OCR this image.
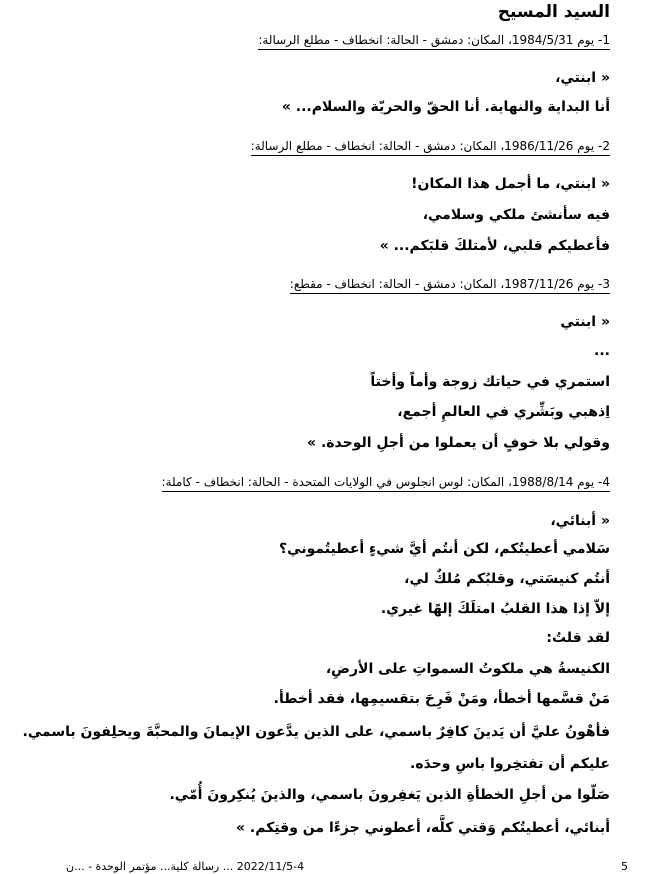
السيد المسيح
1- يوم 1984/5/31، المكان: دمشق - الحالة: انخطاف - مطلع الرسالة:
« ابنتي،
أنا البداية والنهاية. أنا الحقّ والحريّة والسلام... »
2- يوم 1986/11/26، المكان: دمشق - الحالة: انخطاف - مطلع الرسالة:
« ابنتي، ما أجمل هذا المكان!
فيه سأنشئ ملكي وسلامي،
فأعطيكم قلبي، لأمتلكَ قلبَكم... »
3- يوم 1987/11/26، المكان: دمشق - الحالة: انخطاف - مقطع:
« ابنتي
...
استمري في حياتك زوجة وأماً وأختاً
اِذهبي وبَشِّري في العالمِ أجمع،
وقولي بلا خوفٍ أن يعملوا من أجلِ الوحدة. »
4- يوم 1988/8/14، المكان: لوس انجلوس في الولايات المتحدة - الحالة: انخطاف - كاملة:
« أبنائي،
سَلامي أعطيتُكم، لكن أنتُم أيَّ شيءٍ أعطيتُموني؟
أنتُم كنيسَتي، وقلبُكم مُلكٌ لي،
إلاّ إذا هذا القلبُ امتلَكَ إلهًا غيري.
لقد قلتُ:
الكنيسةُ هي ملكوتُ السمواتِ على الأرضِ،
مَنْ قسَّمها أخطأ، ومَنْ فَرِحَ بتقسيمِها، فقد أخطأ.
فأهْونُ عليَّ أن يَدينَ كافِرٌ باسمي، على الذين يدَّعون الإيمانَ والمحبَّةَ ويحلِفونَ باسمي.
عليكم أن تفتخِروا باسِ وحدَه.
صَلّوا من أجلِ الخطأةِ الذين يَغفِرونَ باسمي، والذينَ يُنكِرونَ أُمّي.
أبنائي، أعطيتُكم وَقتي كلَّه، أعطوني جزءًا من وقتِكم. »
2022/11/5-4 ... رسالة كلية... مؤتمر الوحدة - ...ن	5
